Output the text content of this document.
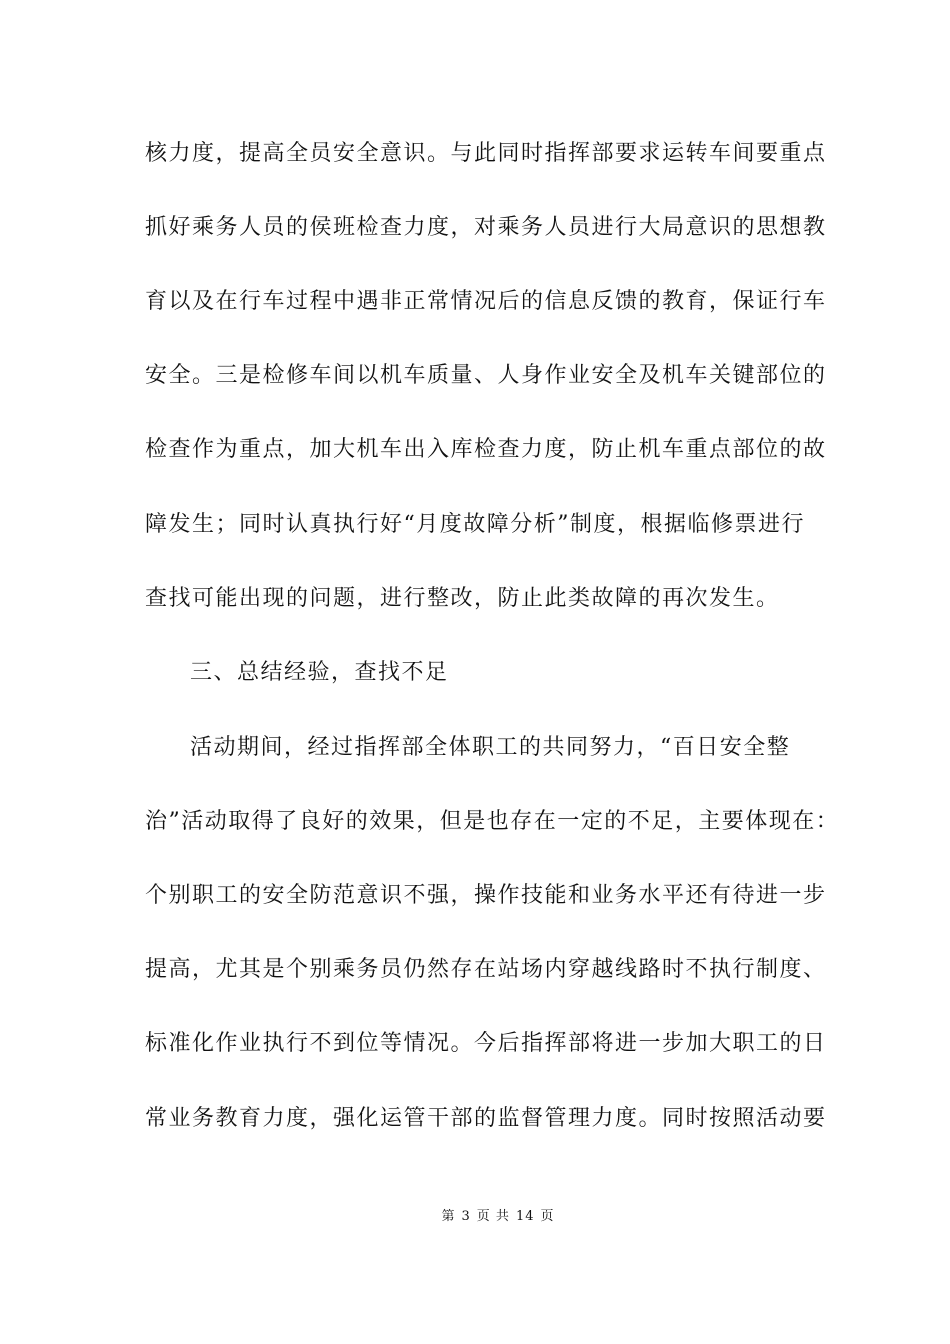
核力度，提高全员安全意识。与此同时指挥部要求运转车间要重点
抓好乘务人员的侯班检查力度，对乘务人员进行大局意识的思想教
育以及在行车过程中遇非正常情况后的信息反馈的教育，保证行车
安全。三是检修车间以机车质量、人身作业安全及机车关键部位的
检查作为重点，加大机车出入库检查力度，防止机车重点部位的故
障发生；同时认真执行好“月度故障分析”制度，根据临修票进行
查找可能出现的问题，进行整改，防止此类故障的再次发生。
三、总结经验，查找不足
活动期间，经过指挥部全体职工的共同努力，“百日安全整
治”活动取得了良好的效果，但是也存在一定的不足，主要体现在：
个别职工的安全防范意识不强，操作技能和业务水平还有待进一步
提高，尤其是个别乘务员仍然存在站场内穿越线路时不执行制度、
标准化作业执行不到位等情况。今后指挥部将进一步加大职工的日
常业务教育力度，强化运管干部的监督管理力度。同时按照活动要
第 3 页 共 14 页
